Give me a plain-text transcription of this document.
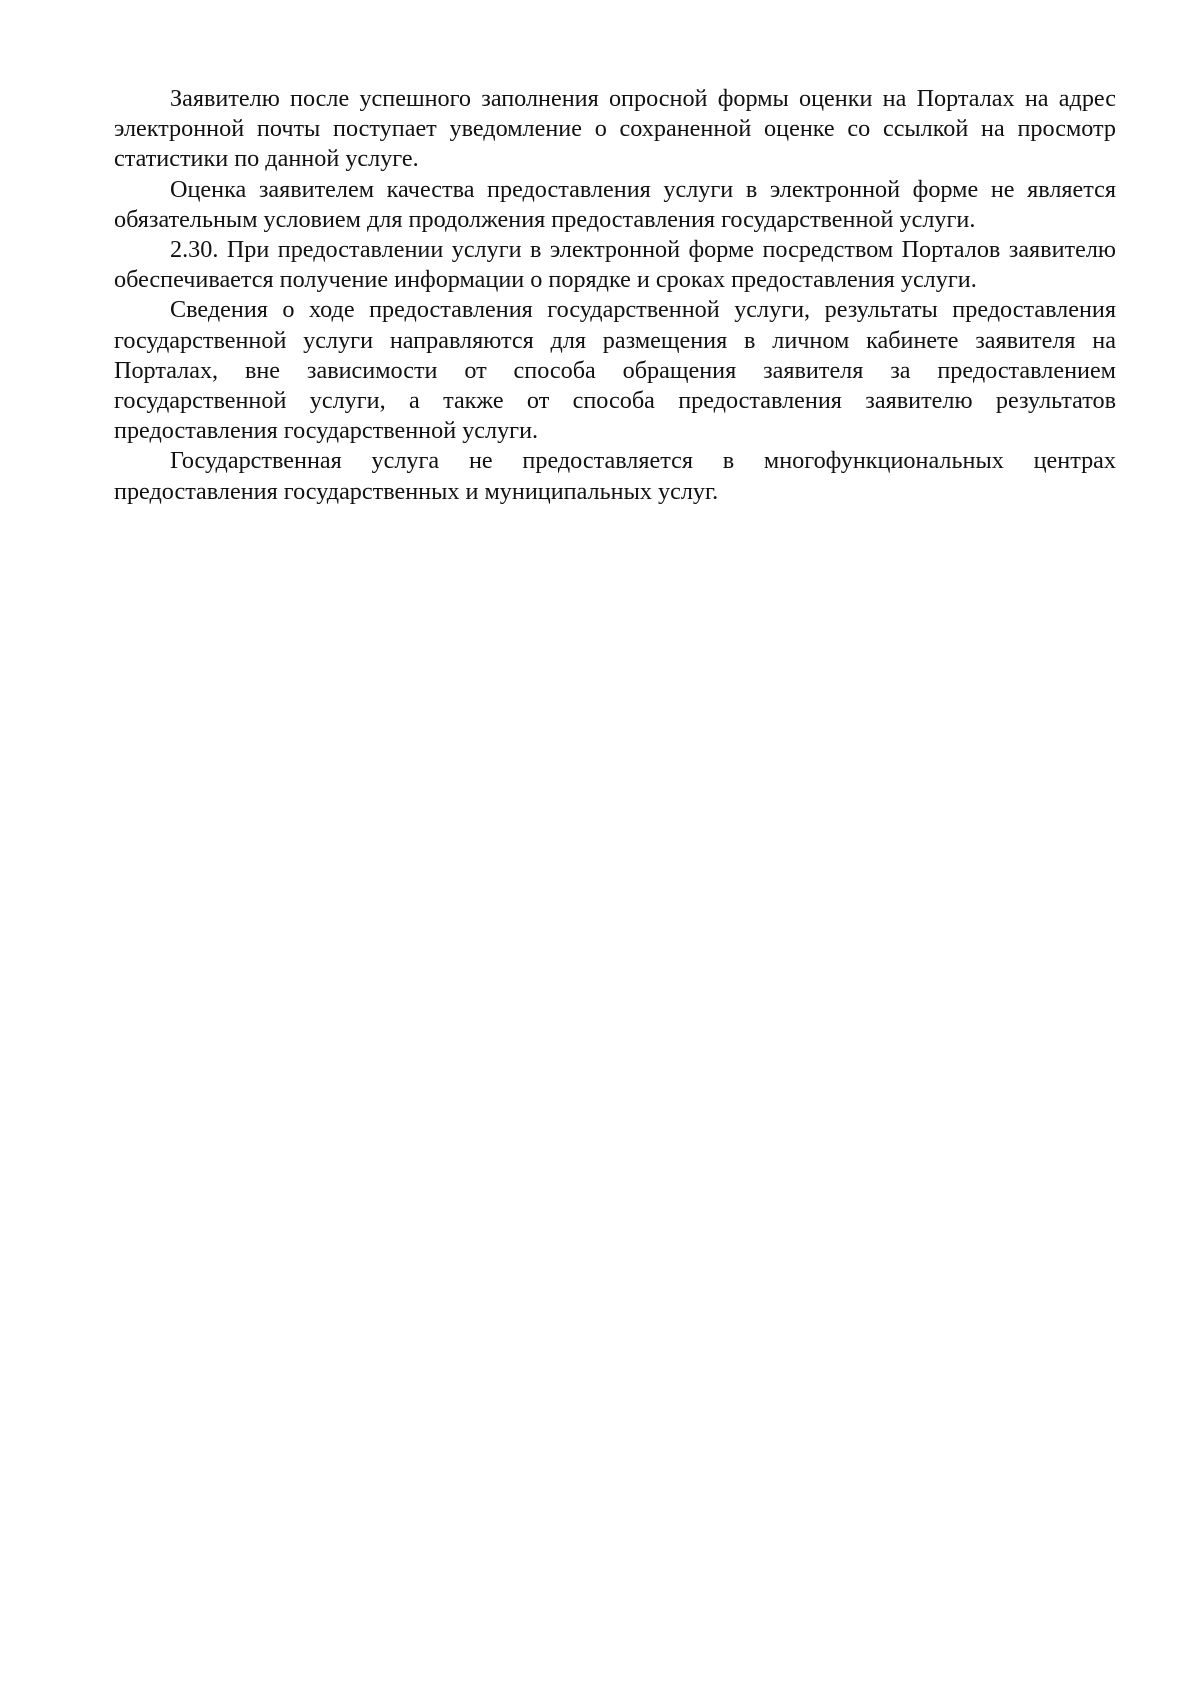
Заявителю после успешного заполнения опросной формы оценки на Порталах на адрес электронной почты поступает уведомление о сохраненной оценке со ссылкой на просмотр статистики по данной услуге.

Оценка заявителем качества предоставления услуги в электронной форме не является обязательным условием для продолжения предоставления государственной услуги.

2.30. При предоставлении услуги в электронной форме посредством Порталов заявителю обеспечивается получение информации о порядке и сроках предоставления услуги.

Сведения о ходе предоставления государственной услуги, результаты предоставления государственной услуги направляются для размещения в личном кабинете заявителя на Порталах, вне зависимости от способа обращения заявителя за предоставлением государственной услуги, а также от способа предоставления заявителю результатов предоставления государственной услуги.

Государственная услуга не предоставляется в многофункциональных центрах предоставления государственных и муниципальных услуг.
